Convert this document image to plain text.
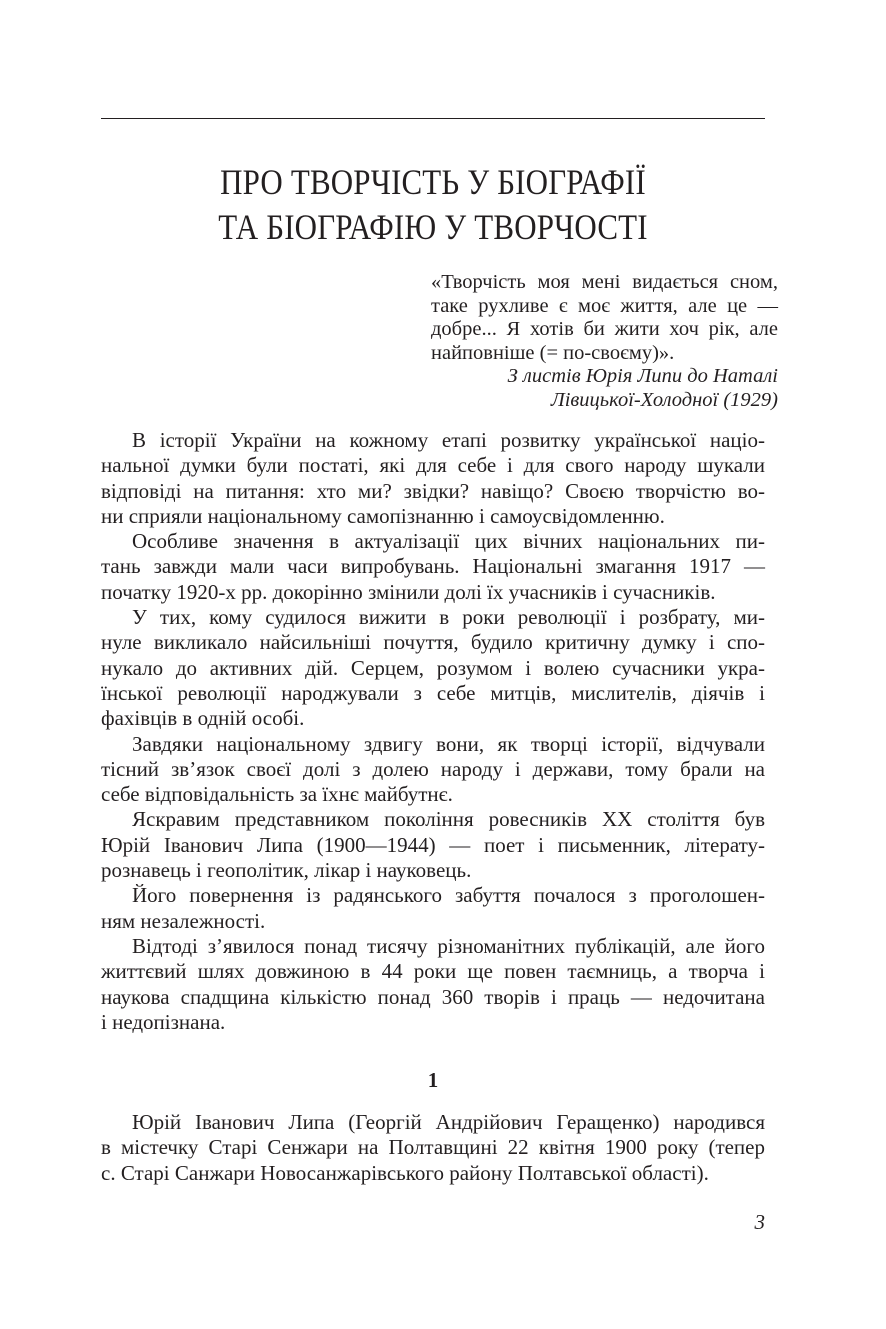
ПРО ТВОРЧІСТЬ У БІОГРАФІЇ
ТА БІОГРАФІЮ У ТВОРЧОСТІ
«Творчість моя мені видається сном,
таке рухливе є моє життя, але це —
добре... Я хотів би жити хоч рік, але
найповніше (= по-своєму)».
З листів Юрія Липи до Наталі
Лівицької-Холодної (1929)
В історії України на кожному етапі розвитку української націо-
нальної думки були постаті, які для себе і для свого народу шукали
відповіді на питання: хто ми? звідки? навіщо? Своєю творчістю во-
ни сприяли національному самопізнанню і самоусвідомленню.
Особливе значення в актуалізації цих вічних національних пи-
тань завжди мали часи випробувань. Національні змагання 1917 —
початку 1920-х рр. докорінно змінили долі їх учасників і сучасників.
У тих, кому судилося вижити в роки революції і розбрату, ми-
нуле викликало найсильніші почуття, будило критичну думку і спо-
нукало до активних дій. Серцем, розумом і волею сучасники укра-
їнської революції народжували з себе митців, мислителів, діячів і
фахівців в одній особі.
Завдяки національному здвигу вони, як творці історії, відчували
тісний зв’язок своєї долі з долею народу і держави, тому брали на
себе відповідальність за їхнє майбутнє.
Яскравим представником покоління ровесників XX століття був
Юрій Іванович Липа (1900—1944) — поет і письменник, літерату-
рознавець і геополітик, лікар і науковець.
Його повернення із радянського забуття почалося з проголошен-
ням незалежності.
Відтоді з’явилося понад тисячу різноманітних публікацій, але його
життєвий шлях довжиною в 44 роки ще повен таємниць, а творча і
наукова спадщина кількістю понад 360 творів і праць — недочитана
і недопізнана.
1
Юрій Іванович Липа (Георгій Андрійович Геращенко) народився
в містечку Старі Сенжари на Полтавщині 22 квітня 1900 року (тепер
с. Старі Санжари Новосанжарівського району Полтавської області).
3
